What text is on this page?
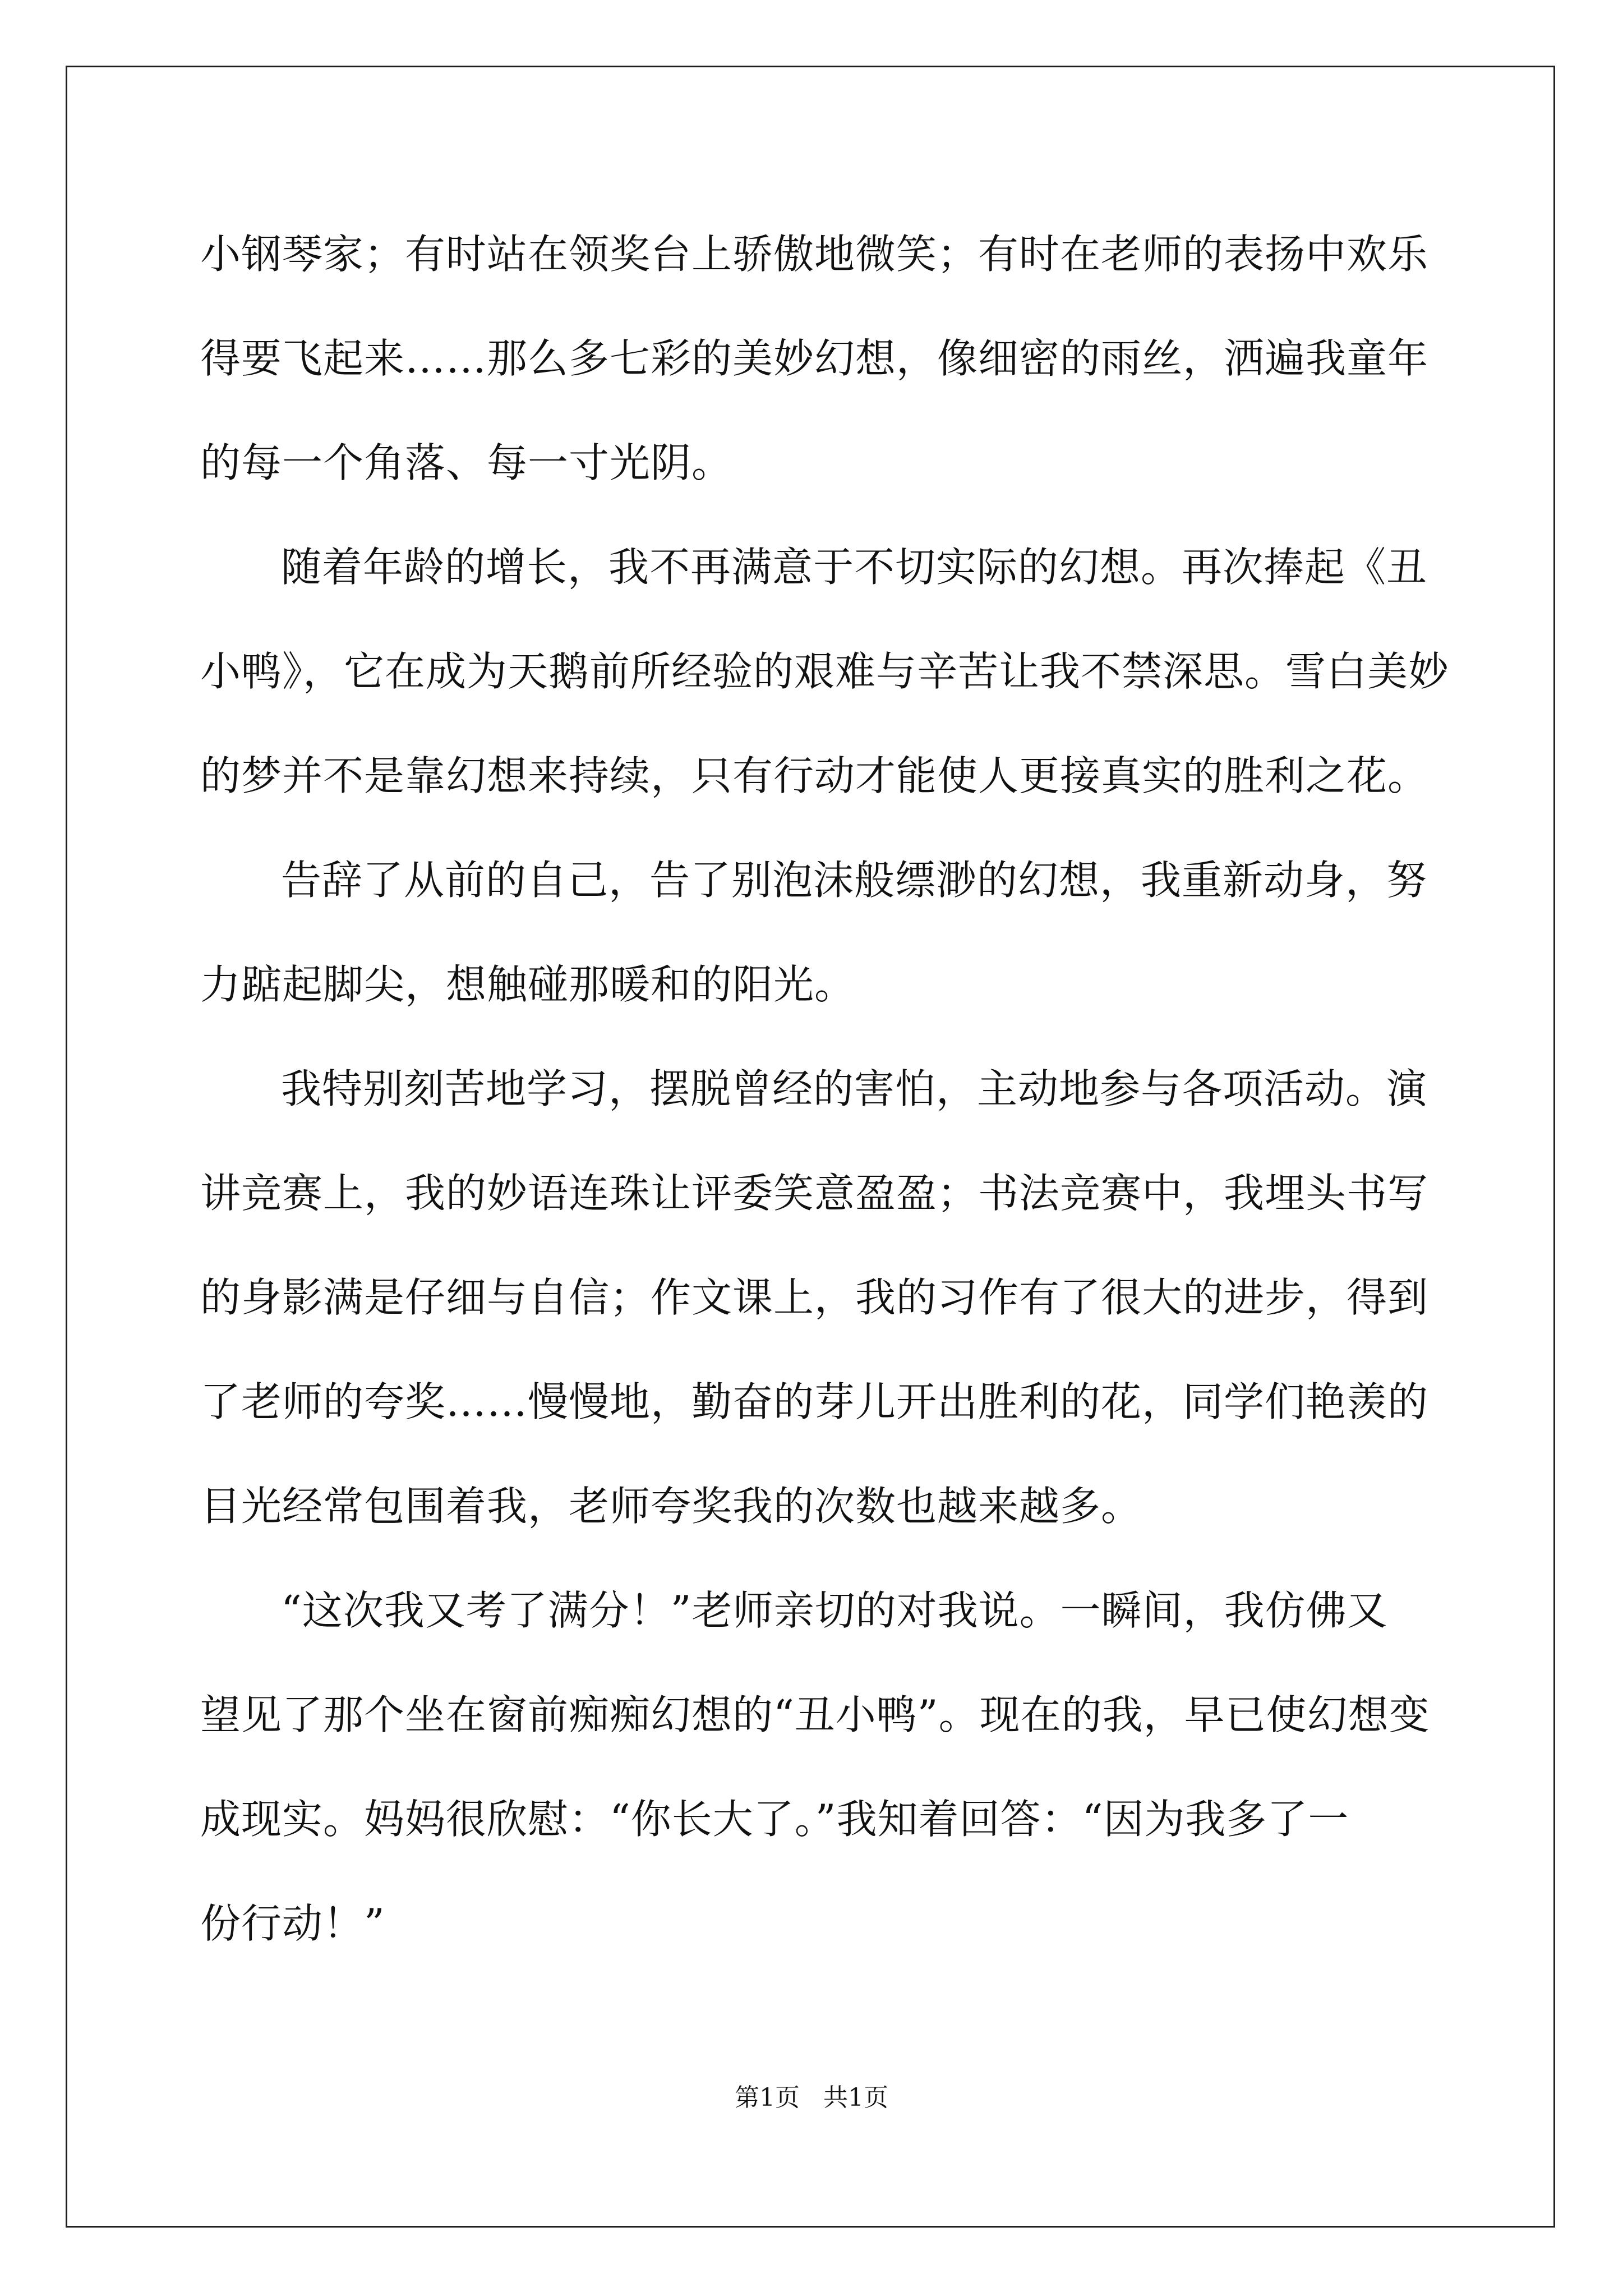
小钢琴家；有时站在领奖台上骄傲地微笑；有时在老师的表扬中欢乐
得要飞起来……那么多七彩的美妙幻想，像细密的雨丝，洒遍我童年
的每一个角落、每一寸光阴。
随着年龄的增长，我不再满意于不切实际的幻想。再次捧起《丑
小鸭》，它在成为天鹅前所经验的艰难与辛苦让我不禁深思。雪白美妙
的梦并不是靠幻想来持续，只有行动才能使人更接真实的胜利之花。
告辞了从前的自己，告了别泡沫般缥渺的幻想，我重新动身，努
力踮起脚尖，想触碰那暖和的阳光。
我特别刻苦地学习，摆脱曾经的害怕，主动地参与各项活动。演
讲竞赛上，我的妙语连珠让评委笑意盈盈；书法竞赛中，我埋头书写
的身影满是仔细与自信；作文课上，我的习作有了很大的进步，得到
了老师的夸奖……慢慢地，勤奋的芽儿开出胜利的花，同学们艳羡的
目光经常包围着我，老师夸奖我的次数也越来越多。
“这次我又考了满分！”老师亲切的对我说。一瞬间，我仿佛又
望见了那个坐在窗前痴痴幻想的“丑小鸭”。现在的我，早已使幻想变
成现实。妈妈很欣慰：“你长大了。”我知着回答：“因为我多了一
份行动！”
第1页   共1页
